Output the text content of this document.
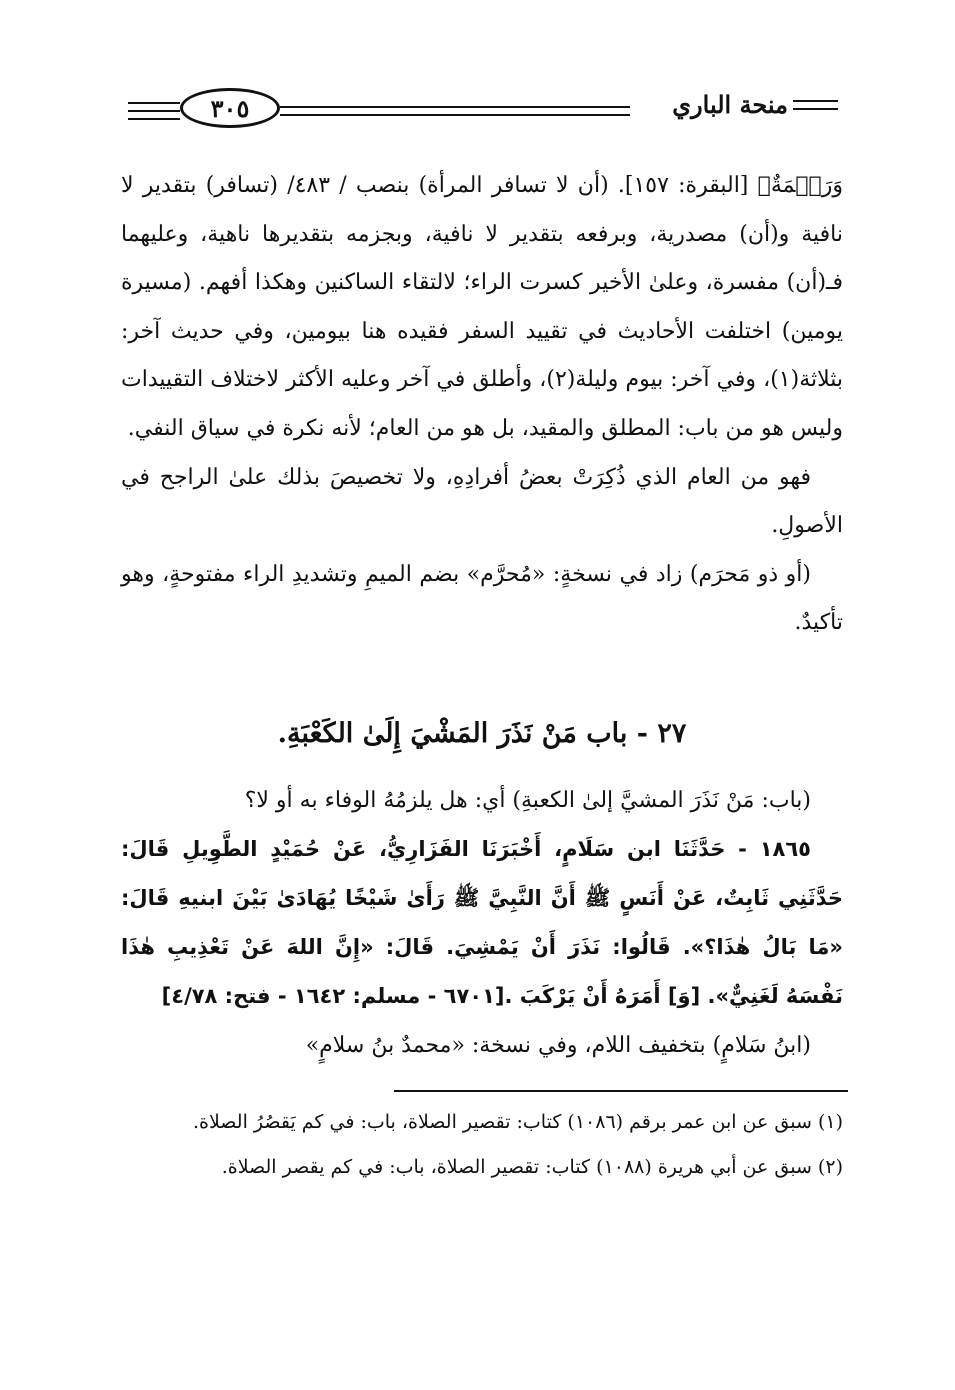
٣٠٥	منحة الباري

وَرَحۡمَةٌ﴾ [البقرة: ١٥٧]. (أن لا تسافر المرأة) بنصب / ٤٨٣/ (تسافر) بتقدير لا نافية و(أن) مصدرية، وبرفعه بتقدير لا نافية، وبجزمه بتقديرها ناهية، وعليهما فـ(أن) مفسرة، وعلىٰ الأخير كسرت الراء؛ لالتقاء الساكنين وهكذا أفهم. (مسيرة يومين) اختلفت الأحاديث في تقييد السفر فقيده هنا بيومين، وفي حديث آخر: بثلاثة(١)، وفي آخر: بيوم وليلة(٢)، وأطلق في آخر وعليه الأكثر لاختلاف التقييدات وليس هو من باب: المطلق والمقيد، بل هو من العام؛ لأنه نكرة في سياق النفي.

فهو من العام الذي ذُكِرَتْ بعضُ أفرادِهِ، ولا تخصيصَ بذلك علىٰ الراجح في الأصولِ.

(أو ذو مَحرَم) زاد في نسخةٍ: «مُحرَّم» بضم الميمِ وتشديدِ الراء مفتوحةٍ، وهو تأكيدٌ.

٢٧ - باب مَنْ نَذَرَ المَشْيَ إِلَىٰ الكَعْبَةِ.

(باب: مَنْ نَذَرَ المشيَّ إلىٰ الكعبةِ) أي: هل يلزمُهُ الوفاء به أو لا؟

١٨٦٥ - حَدَّثَنَا ابن سَلَامٍ، أَخْبَرَنَا الفَزَارِيُّ، عَنْ حُمَيْدٍ الطَّوِيلِ قَالَ: حَدَّثَنِي ثَابِتٌ، عَنْ أَنَسٍ ﷺ أَنَّ النَّبِيَّ ﷺ رَأَىٰ شَيْخًا يُهَادَىٰ بَيْنَ ابنيهِ قَالَ: «مَا بَالُ هٰذَا؟». قَالُوا: نَذَرَ أَنْ يَمْشِيَ. قَالَ: «إِنَّ اللهَ عَنْ تَعْذِيبِ هٰذَا نَفْسَهُ لَغَنِيٌّ». [وَ] أَمَرَهُ أَنْ يَرْكَبَ .[٦٧٠١ - مسلم: ١٦٤٢ - فتح: ٤/٧٨]

(ابنُ سَلامٍ) بتخفيف اللام، وفي نسخة: «محمدٌ بنُ سلامٍ»

(١) سبق عن ابن عمر برقم (١٠٨٦) كتاب: تقصير الصلاة، باب: في كم يَقصُرُ الصلاة.

(٢) سبق عن أبي هريرة (١٠٨٨) كتاب: تقصير الصلاة، باب: في كم يقصر الصلاة.
